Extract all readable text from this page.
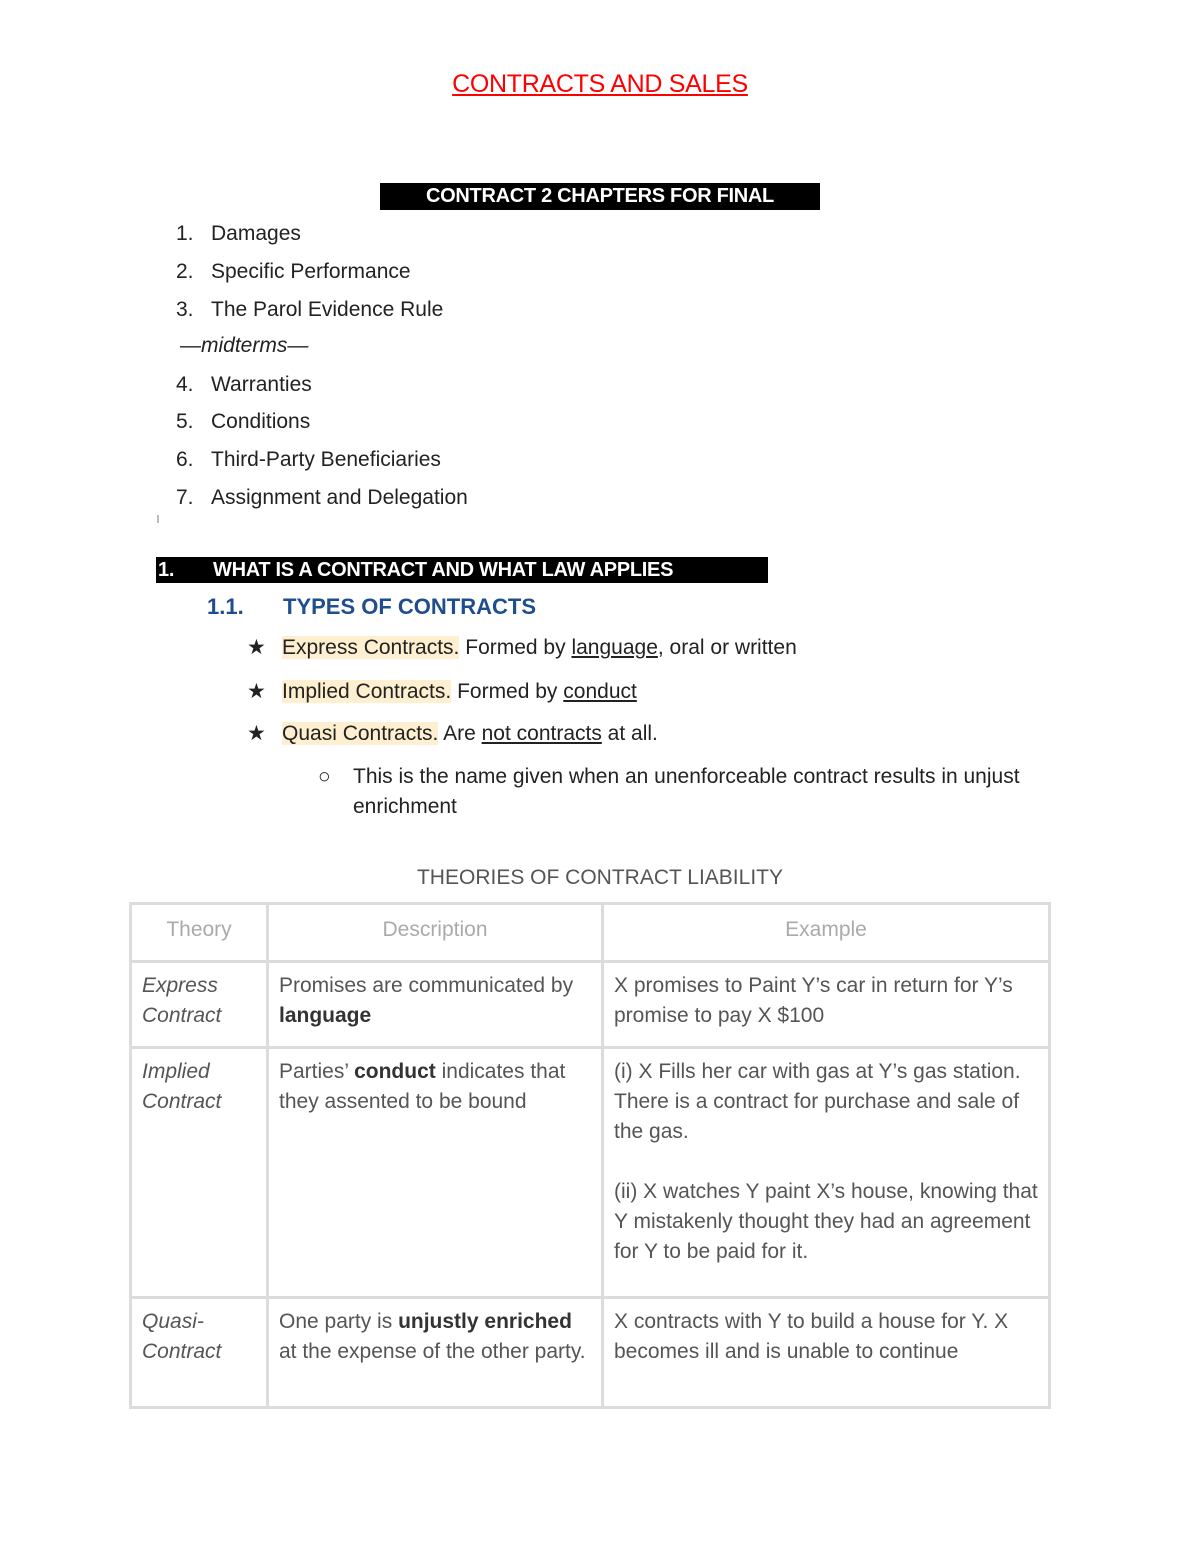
CONTRACTS AND SALES
CONTRACT 2 CHAPTERS FOR FINAL
1. Damages
2. Specific Performance
3. The Parol Evidence Rule
—midterms—
4. Warranties
5. Conditions
6. Third-Party Beneficiaries
7. Assignment and Delegation
1. WHAT IS A CONTRACT AND WHAT LAW APPLIES
1.1. TYPES OF CONTRACTS
★ Express Contracts. Formed by language, oral or written
★ Implied Contracts. Formed by conduct
★ Quasi Contracts. Are not contracts at all.
○ This is the name given when an unenforceable contract results in unjust enrichment
THEORIES OF CONTRACT LIABILITY
Theory	Description	Example
Express Contract	Promises are communicated by language	X promises to Paint Y’s car in return for Y’s promise to pay X $100

Implied Contract	Parties’ conduct indicates that they assented to be bound	(i) X Fills her car with gas at Y’s gas station. There is a contract for purchase and sale of the gas.
(ii) X watches Y paint X’s house, knowing that Y mistakenly thought they had an agreement for Y to be paid for it.

Quasi-Contract	One party is unjustly enriched at the expense of the other party.	X contracts with Y to build a house for Y. X becomes ill and is unable to continue
